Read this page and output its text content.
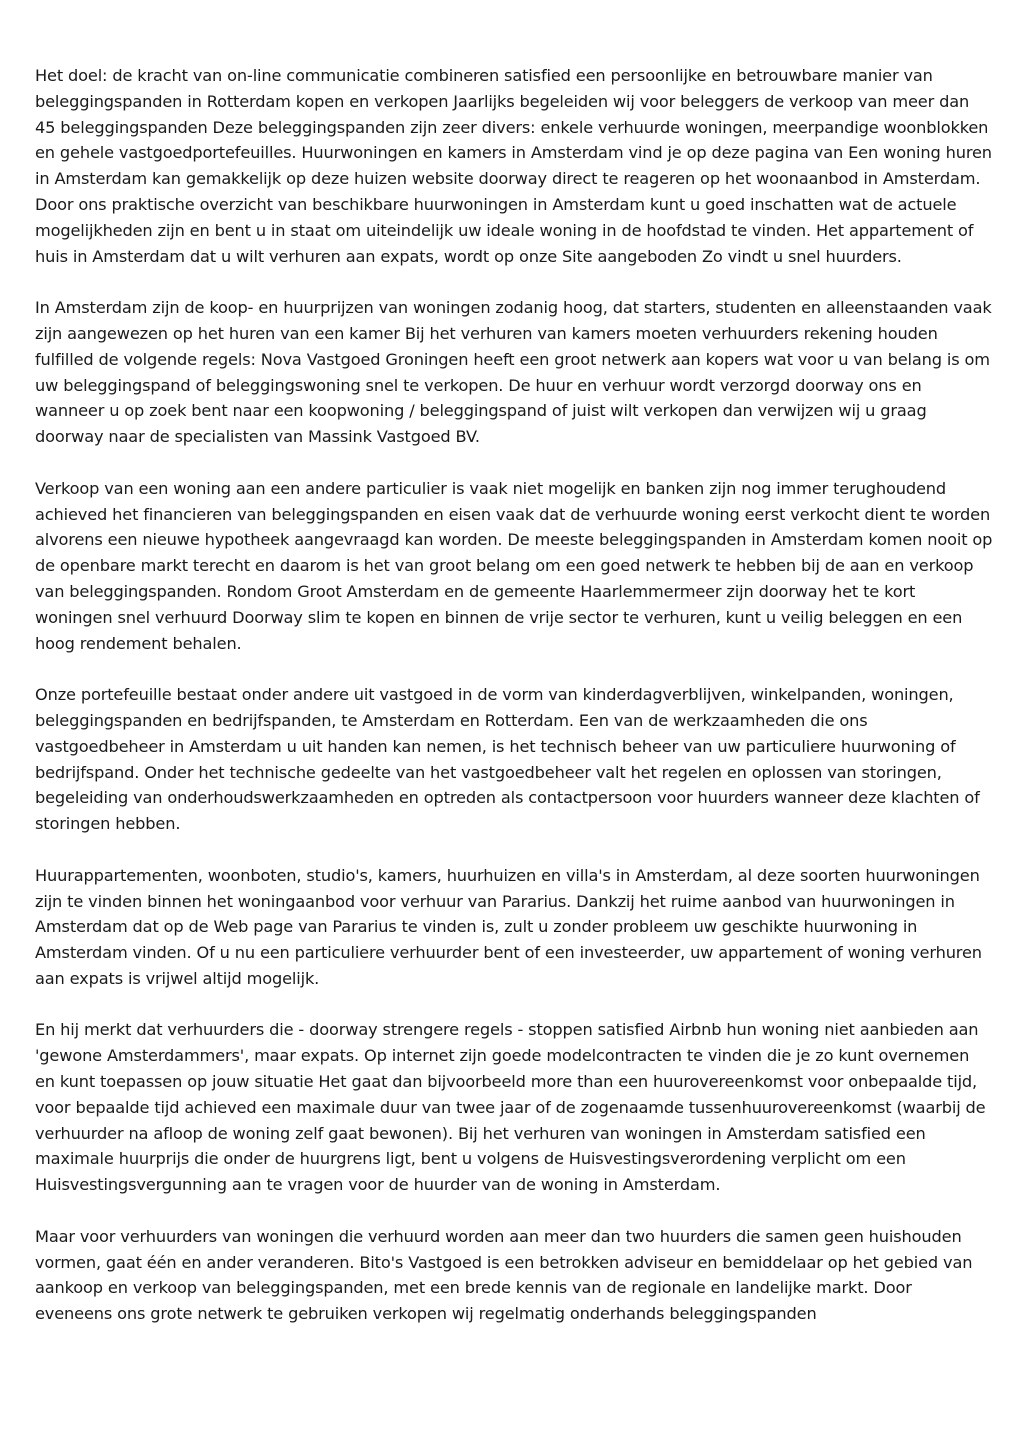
Het doel: de kracht van on-line communicatie combineren satisfied een persoonlijke en betrouwbare manier van beleggingspanden in Rotterdam kopen en verkopen Jaarlijks begeleiden wij voor beleggers de verkoop van meer dan 45 beleggingspanden Deze beleggingspanden zijn zeer divers: enkele verhuurde woningen, meerpandige woonblokken en gehele vastgoedportefeuilles. Huurwoningen en kamers in Amsterdam vind je op deze pagina van Een woning huren in Amsterdam kan gemakkelijk op deze huizen website doorway direct te reageren op het woonaanbod in Amsterdam. Door ons praktische overzicht van beschikbare huurwoningen in Amsterdam kunt u goed inschatten wat de actuele mogelijkheden zijn en bent u in staat om uiteindelijk uw ideale woning in de hoofdstad te vinden. Het appartement of huis in Amsterdam dat u wilt verhuren aan expats, wordt op onze Site aangeboden Zo vindt u snel huurders.

In Amsterdam zijn de koop- en huurprijzen van woningen zodanig hoog, dat starters, studenten en alleenstaanden vaak zijn aangewezen op het huren van een kamer Bij het verhuren van kamers moeten verhuurders rekening houden fulfilled de volgende regels: Nova Vastgoed Groningen heeft een groot netwerk aan kopers wat voor u van belang is om uw beleggingspand of beleggingswoning snel te verkopen. De huur en verhuur wordt verzorgd doorway ons en wanneer u op zoek bent naar een koopwoning / beleggingspand of juist wilt verkopen dan verwijzen wij u graag doorway naar de specialisten van Massink Vastgoed BV.

Verkoop van een woning aan een andere particulier is vaak niet mogelijk en banken zijn nog immer terughoudend achieved het financieren van beleggingspanden en eisen vaak dat de verhuurde woning eerst verkocht dient te worden alvorens een nieuwe hypotheek aangevraagd kan worden. De meeste beleggingspanden in Amsterdam komen nooit op de openbare markt terecht en daarom is het van groot belang om een goed netwerk te hebben bij de aan en verkoop van beleggingspanden. Rondom Groot Amsterdam en de gemeente Haarlemmermeer zijn doorway het te kort woningen snel verhuurd Doorway slim te kopen en binnen de vrije sector te verhuren, kunt u veilig beleggen en een hoog rendement behalen.

Onze portefeuille bestaat onder andere uit vastgoed in de vorm van kinderdagverblijven, winkelpanden, woningen, beleggingspanden en bedrijfspanden, te Amsterdam en Rotterdam. Een van de werkzaamheden die ons vastgoedbeheer in Amsterdam u uit handen kan nemen, is het technisch beheer van uw particuliere huurwoning of bedrijfspand. Onder het technische gedeelte van het vastgoedbeheer valt het regelen en oplossen van storingen, begeleiding van onderhoudswerkzaamheden en optreden als contactpersoon voor huurders wanneer deze klachten of storingen hebben.

Huurappartementen, woonboten, studio's, kamers, huurhuizen en villa's in Amsterdam, al deze soorten huurwoningen zijn te vinden binnen het woningaanbod voor verhuur van Pararius. Dankzij het ruime aanbod van huurwoningen in Amsterdam dat op de Web page van Pararius te vinden is, zult u zonder probleem uw geschikte huurwoning in Amsterdam vinden. Of u nu een particuliere verhuurder bent of een investeerder, uw appartement of woning verhuren aan expats is vrijwel altijd mogelijk.

En hij merkt dat verhuurders die - doorway strengere regels - stoppen satisfied Airbnb hun woning niet aanbieden aan 'gewone Amsterdammers', maar expats. Op internet zijn goede modelcontracten te vinden die je zo kunt overnemen en kunt toepassen op jouw situatie Het gaat dan bijvoorbeeld more than een huurovereenkomst voor onbepaalde tijd, voor bepaalde tijd achieved een maximale duur van twee jaar of de zogenaamde tussenhuurovereenkomst (waarbij de verhuurder na afloop de woning zelf gaat bewonen). Bij het verhuren van woningen in Amsterdam satisfied een maximale huurprijs die onder de huurgrens ligt, bent u volgens de Huisvestingsverordening verplicht om een Huisvestingsvergunning aan te vragen voor de huurder van de woning in Amsterdam.

Maar voor verhuurders van woningen die verhuurd worden aan meer dan two huurders die samen geen huishouden vormen, gaat één en ander veranderen. Bito's Vastgoed is een betrokken adviseur en bemiddelaar op het gebied van aankoop en verkoop van beleggingspanden, met een brede kennis van de regionale en landelijke markt. Door eveneens ons grote netwerk te gebruiken verkopen wij regelmatig onderhands beleggingspanden
